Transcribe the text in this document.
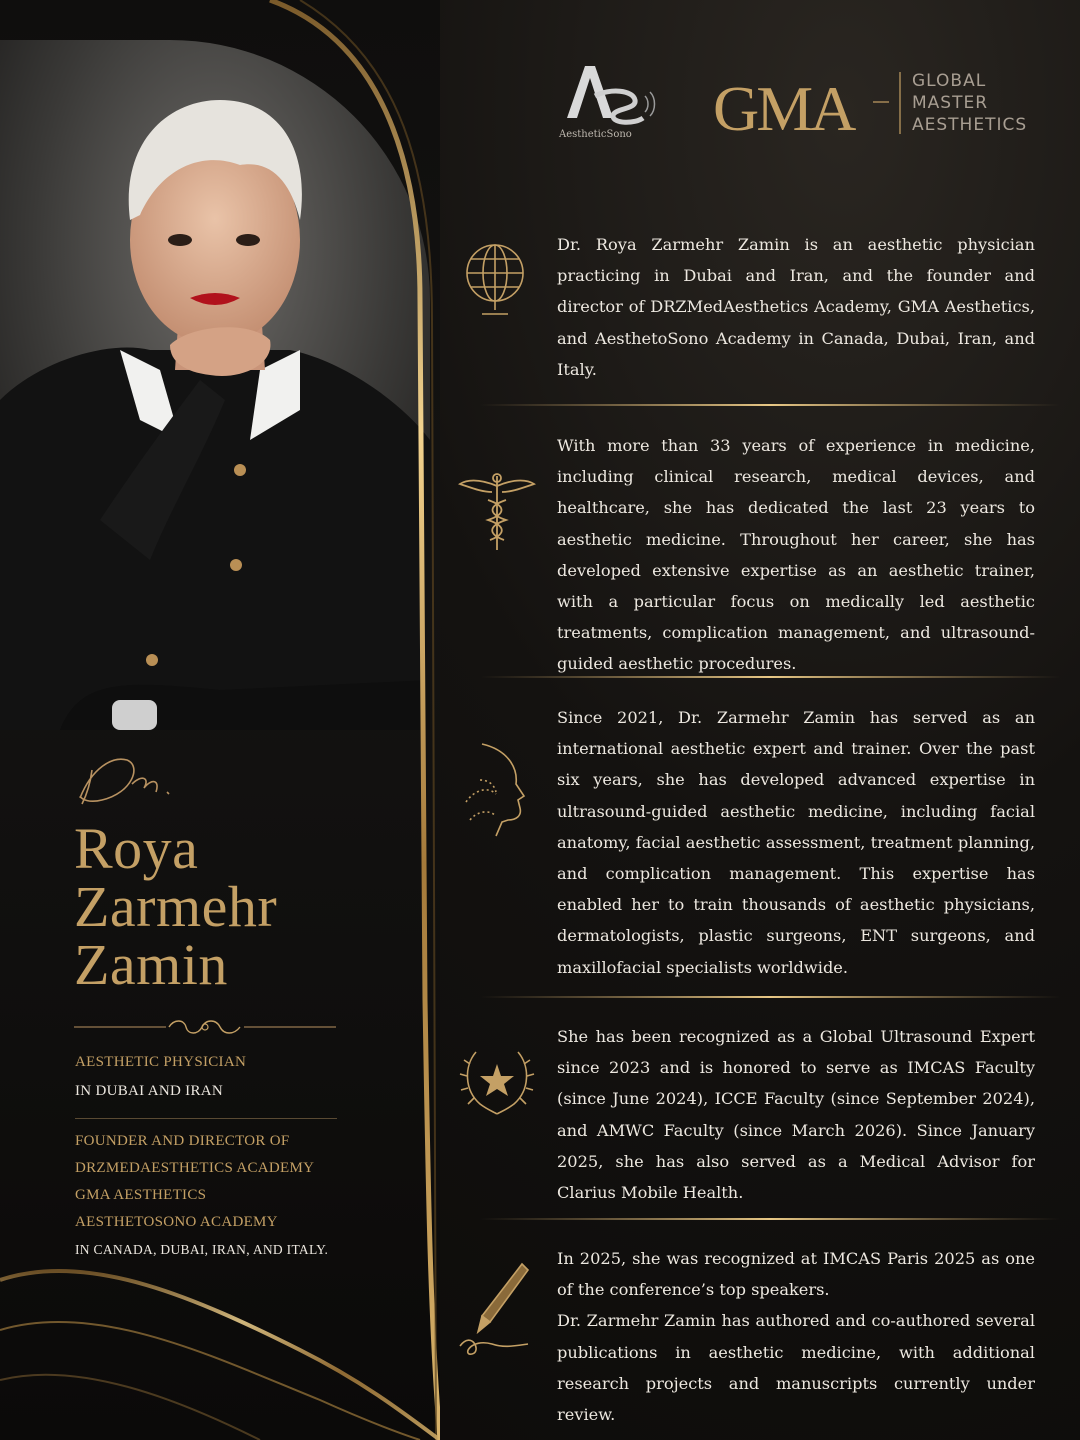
Roya
Zarmehr
Zamin
AESTHETIC PHYSICIAN
IN DUBAI AND IRAN
FOUNDER AND DIRECTOR OF
DRZMEDAESTHETICS ACADEMY
GMA AESTHETICS
AESTHETOSONO ACADEMY
IN CANADA, DUBAI, IRAN, AND ITALY.
AestheticSono GMA	GLOBAL
MASTER
AESTHETICS
Dr. Roya Zarmehr Zamin is an aesthetic physician practicing in Dubai and Iran, and the founder and director of DRZMedAesthetics Academy, GMA Aesthetics, and AesthetoSono Academy in Canada, Dubai, Iran, and Italy.
With more than 33 years of experience in medicine, including clinical research, medical devices, and healthcare, she has dedicated the last 23 years to aesthetic medicine. Throughout her career, she has developed extensive expertise as an aesthetic trainer, with a particular focus on medically led aesthetic treatments, complication management, and ultrasound-guided aesthetic procedures.
Since 2021, Dr. Zarmehr Zamin has served as an international aesthetic expert and trainer. Over the past six years, she has developed advanced expertise in ultrasound-guided aesthetic medicine, including facial anatomy, facial aesthetic assessment, treatment planning, and complication management. This expertise has enabled her to train thousands of aesthetic physicians, dermatologists, plastic surgeons, ENT surgeons, and maxillofacial specialists worldwide.
She has been recognized as a Global Ultrasound Expert since 2023 and is honored to serve as IMCAS Faculty (since June 2024), ICCE Faculty (since September 2024), and AMWC Faculty (since March 2026). Since January 2025, she has also served as a Medical Advisor for Clarius Mobile Health.
In 2025, she was recognized at IMCAS Paris 2025 as one of the conference’s top speakers.
Dr. Zarmehr Zamin has authored and co-authored several publications in aesthetic medicine, with additional research projects and manuscripts currently under review.
